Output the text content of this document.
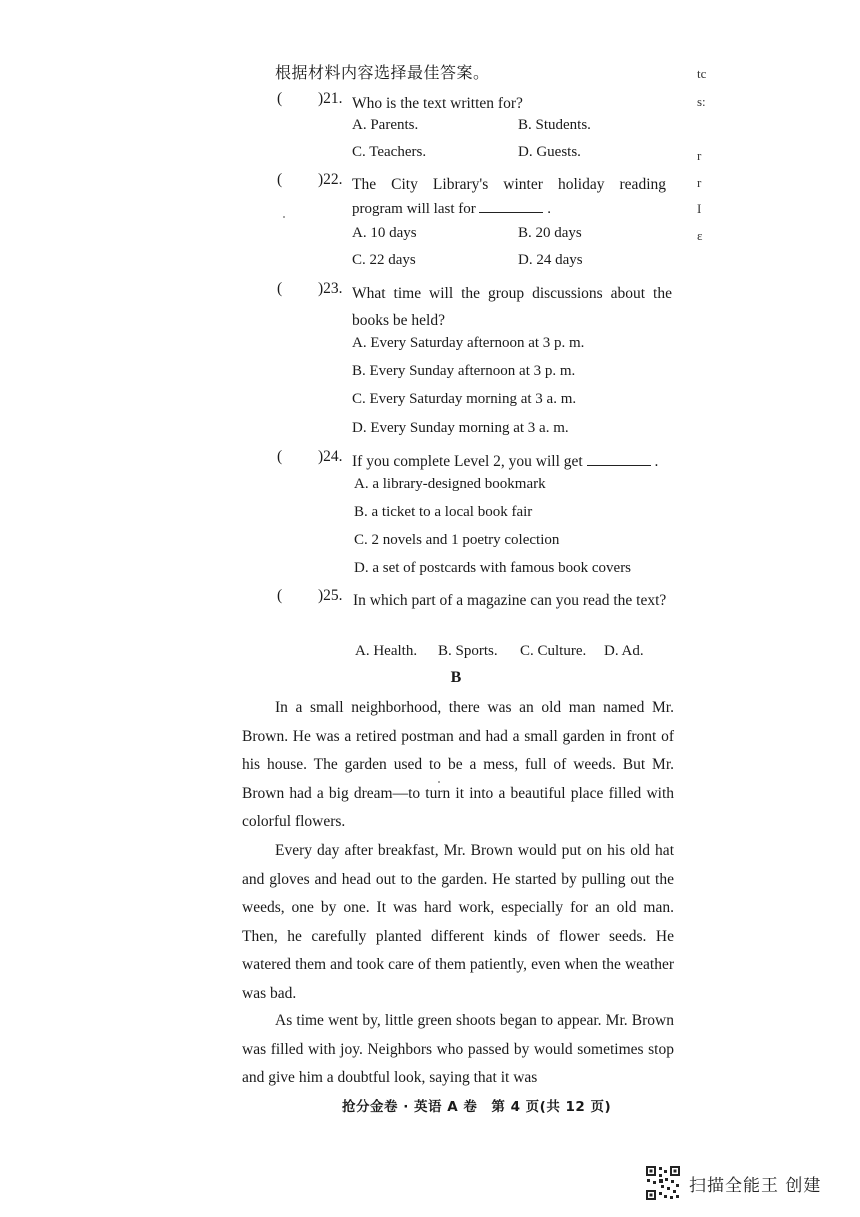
根据材料内容选择最佳答案。
( )21. Who is the text written for?
A. Parents.	B. Students.
C. Teachers.	D. Guests.
( )22. The City Library's winter holiday reading
program will last for	.
A. 10 days	B. 20 days
C. 22 days	D. 24 days
( )23. What time will the group discussions about the books be held?
A. Every Saturday afternoon at 3 p. m.
B. Every Sunday afternoon at 3 p. m.
C. Every Saturday morning at 3 a. m.
D. Every Sunday morning at 3 a. m.
( )24. If you complete Level 2, you will get	.
A. a library-designed bookmark
B. a ticket to a local book fair
C. 2 novels and 1 poetry colection
D. a set of postcards with famous book covers
( )25. In which part of a magazine can you read the text?
A. Health. B. Sports. C. Culture. D. Ad.
B
In a small neighborhood, there was an old man named Mr. Brown. He was a retired postman and had a small garden in front of his house. The garden used to be a mess, full of weeds. But Mr. Brown had a big dream—to turn it into a beautiful place filled with colorful flowers.
Every day after breakfast, Mr. Brown would put on his old hat and gloves and head out to the garden. He started by pulling out the weeds, one by one. It was hard work, especially for an old man. Then, he carefully planted different kinds of flower seeds. He watered them and took care of them patiently, even when the weather was bad.
As time went by, little green shoots began to appear. Mr. Brown was filled with joy. Neighbors who passed by would sometimes stop and give him a doubtful look, saying that it was
抢分金卷 · 英语 A 卷　第 4 页(共 12 页)
tc
s:
r
r
I
ε
扫描全能王 创建
